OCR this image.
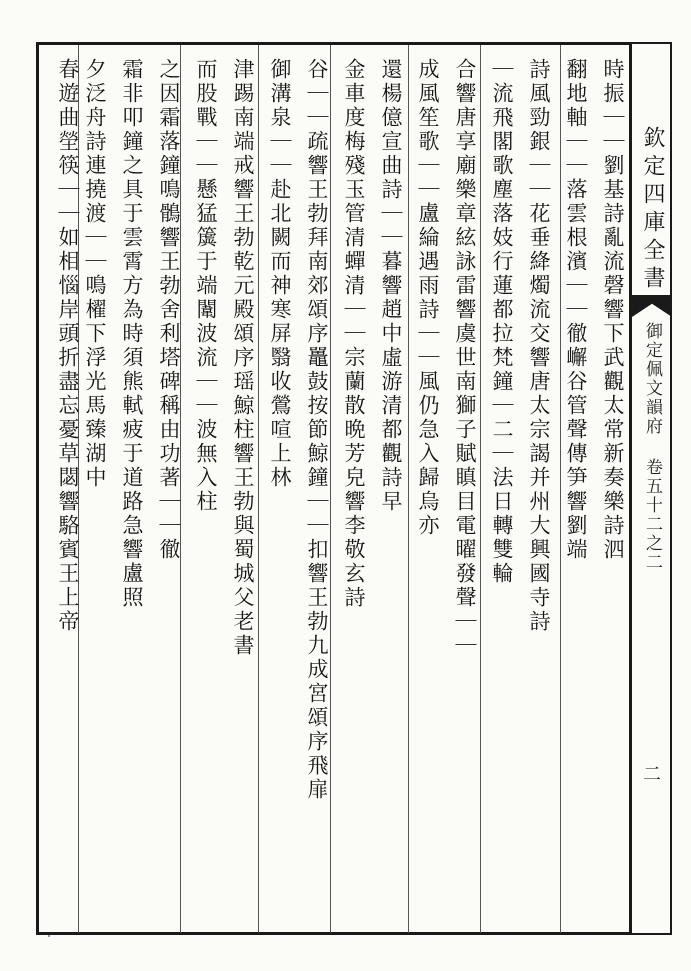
欽定四庫全書
御定佩文韻府 卷五十二之二
二
時振｜｜劉基詩亂流磬響下武觀太常新奏樂詩泗
翻地軸｜｜落雲根濱｜｜徹嶰谷管聲傳笋響劉端
詩風勁銀｜｜花垂絳燭流交響唐太宗謁并州大興國寺詩
｜流飛閣歌塵落妓行蓮都拉梵鐘｜二｜法日轉雙輪
合響唐享廟樂章絃詠雷響虞世南獅子賦瞋目電曜發聲｜｜
成風笙歌｜｜盧綸遇雨詩｜｜風仍急入歸烏亦
還楊億宣曲詩｜｜暮響趙中虛游清都觀詩早
金車度梅殘玉管清蟬清｜｜宗蘭散晩芳皃響李敬玄詩
谷｜｜疏響王勃拜南郊頌序鼉鼓按節鯨鐘｜｜扣響王勃九成宮頌序飛扉
御溝泉｜｜赴北闕而神寒屏翳收鶯喧上林
津踢南端戒響王勃乾元殿頌序瑶鯨柱響王勃與蜀城父老書
而股戰｜｜懸猛簴于端闈波流｜｜波無入柱
之因霜落鐘鳴鶻響王勃舍利塔碑稱由功著｜｜徹
霜非叩鐘之具于雲霄方為時須熊軾疲于道路急響盧照
夕泛舟詩連撓渡｜｜鳴櫂下浮光馬臻湖中
春遊曲塋筷｜｜如相惱岸頭折盡忘憂草閟響駱賓王上帝
